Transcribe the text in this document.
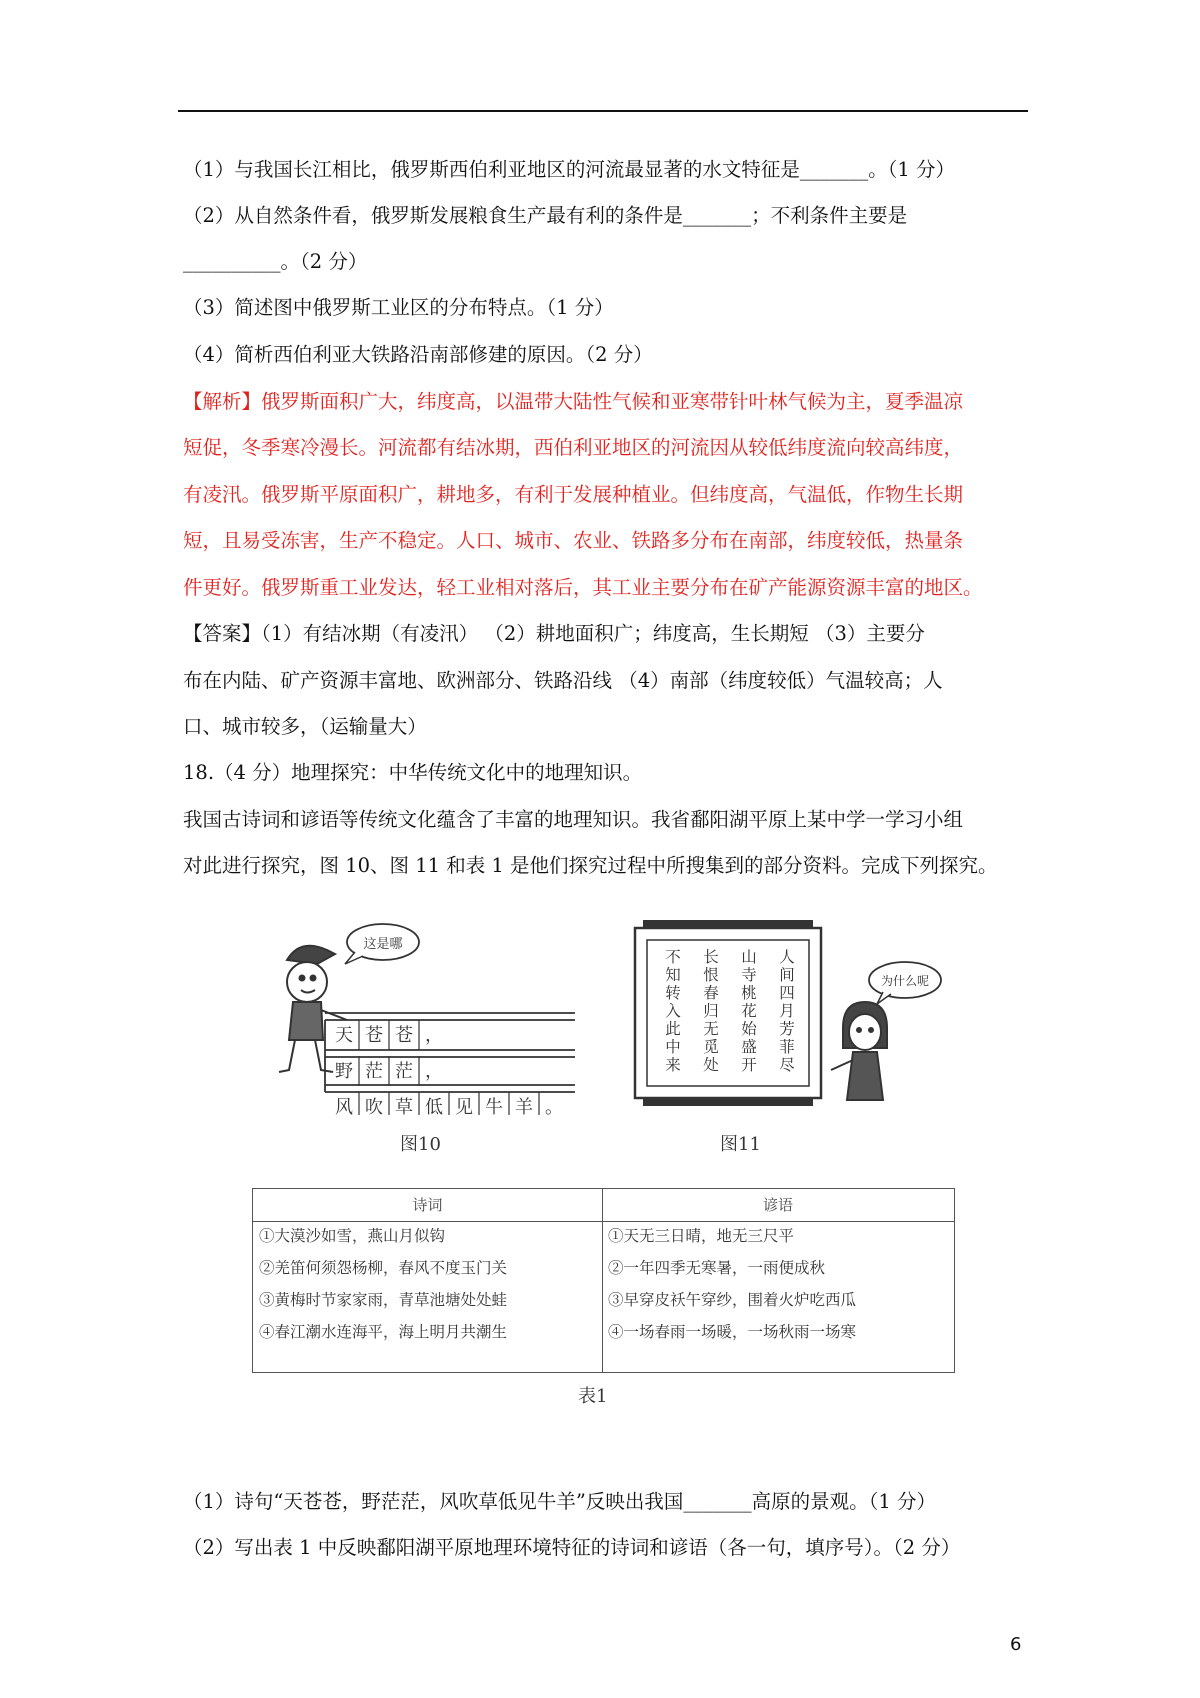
（1）与我国长江相比，俄罗斯西伯利亚地区的河流最显著的水文特征是_______。（1 分）
（2）从自然条件看，俄罗斯发展粮食生产最有利的条件是_______；不利条件主要是
__________。（2 分）
（3）简述图中俄罗斯工业区的分布特点。（1 分）
（4）简析西伯利亚大铁路沿南部修建的原因。（2 分）
【解析】俄罗斯面积广大，纬度高，以温带大陆性气候和亚寒带针叶林气候为主，夏季温凉
短促，冬季寒冷漫长。河流都有结冰期，西伯利亚地区的河流因从较低纬度流向较高纬度，
有凌汛。俄罗斯平原面积广，耕地多，有利于发展种植业。但纬度高，气温低，作物生长期
短，且易受冻害，生产不稳定。人口、城市、农业、铁路多分布在南部，纬度较低，热量条
件更好。俄罗斯重工业发达，轻工业相对落后，其工业主要分布在矿产能源资源丰富的地区。
【答案】（1）有结冰期（有凌汛） （2）耕地面积广；纬度高，生长期短 （3）主要分
布在内陆、矿产资源丰富地、欧洲部分、铁路沿线 （4）南部（纬度较低）气温较高；人
口、城市较多，（运输量大）
18.（4 分）地理探究：中华传统文化中的地理知识。
我国古诗词和谚语等传统文化蕴含了丰富的地理知识。我省鄱阳湖平原上某中学一学习小组
对此进行探究，图 10、图 11 和表 1 是他们探究过程中所搜集到的部分资料。完成下列探究。
这是哪
天 苍 苍 ，
野 茫 茫 ，
风 吹 草 低 见 牛 羊 。
图10
人
间
四
月
芳
菲
尽
山
寺
桃
花
始
盛
开
长
恨
春
归
无
觅
处
不
知
转
入
此
中
来
为什么呢
图11
诗词
①大漠沙如雪，燕山月似钩
②羌笛何须怨杨柳，春风不度玉门关
③黄梅时节家家雨，青草池塘处处蛙
④春江潮水连海平，海上明月共潮生
谚语
①天无三日晴，地无三尺平
②一年四季无寒暑，一雨便成秋
③早穿皮袄午穿纱，围着火炉吃西瓜
④一场春雨一场暖，一场秋雨一场寒
表1
（1）诗句“天苍苍，野茫茫，风吹草低见牛羊”反映出我国_______高原的景观。（1 分）
（2）写出表 1 中反映鄱阳湖平原地理环境特征的诗词和谚语（各一句，填序号）。（2 分）
6
